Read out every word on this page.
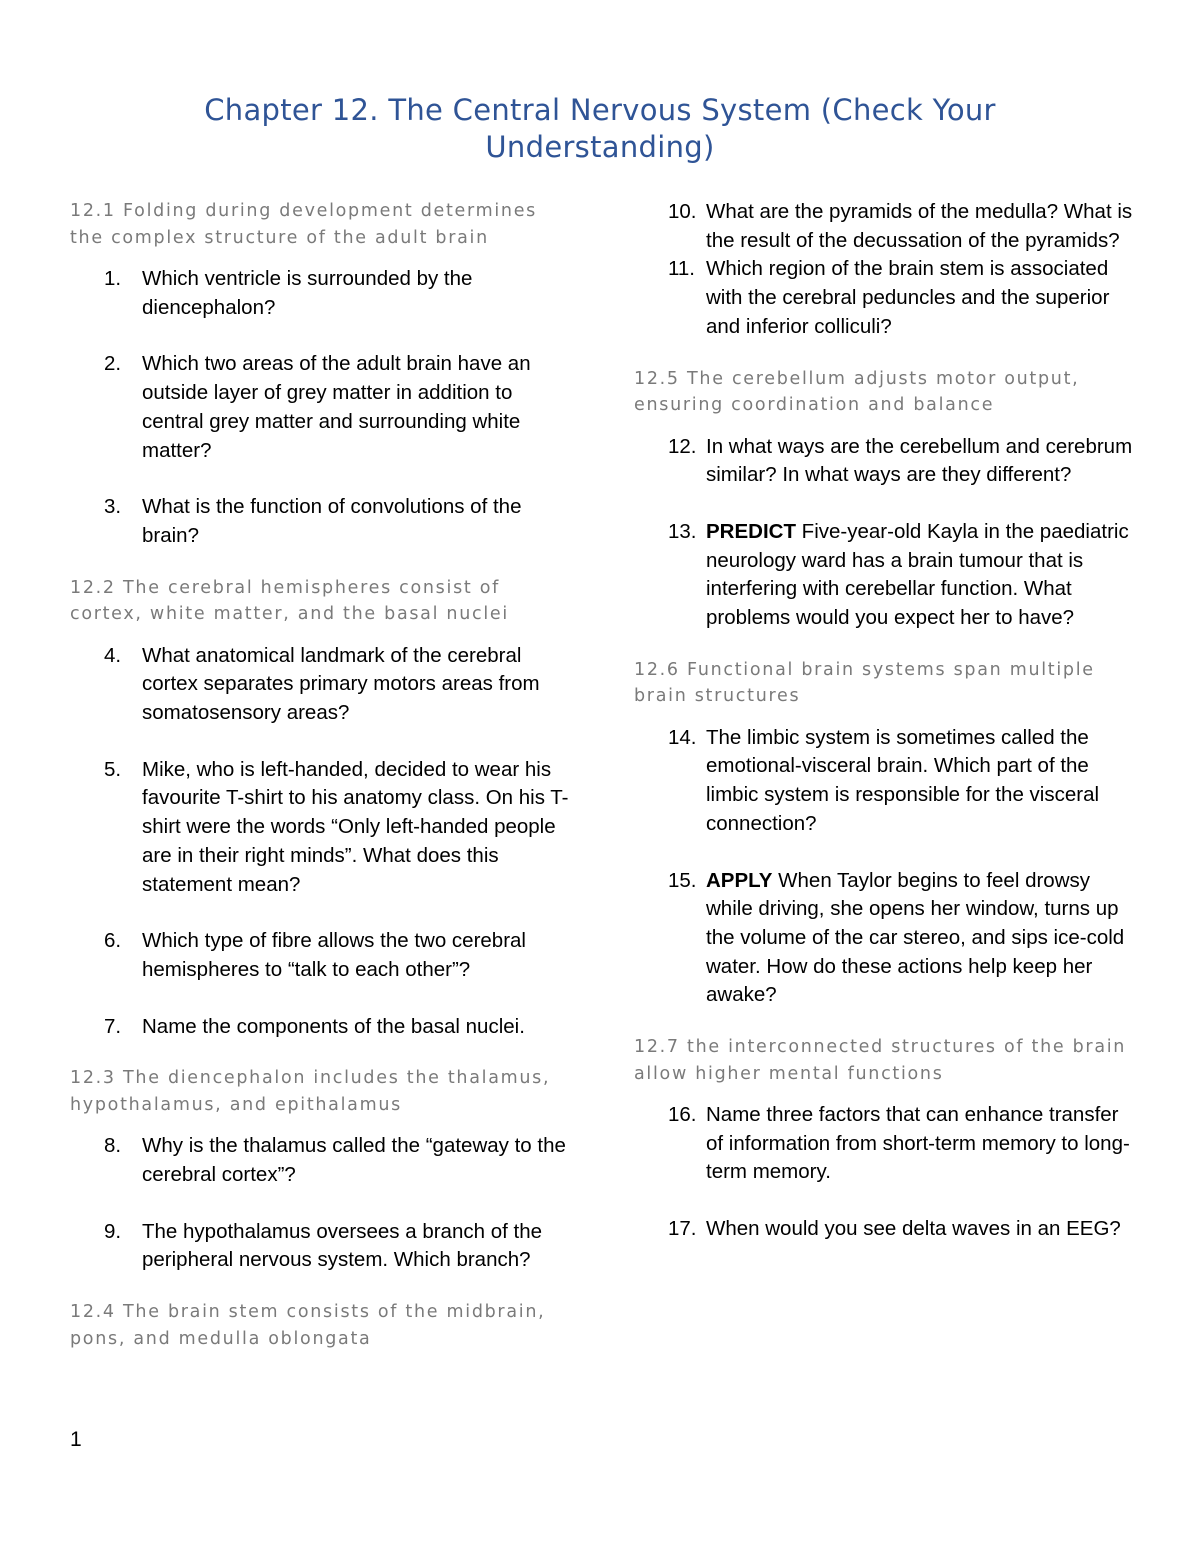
Chapter 12. The Central Nervous System (Check Your Understanding)

12.1 Folding during development determines the complex structure of the adult brain

1.	Which ventricle is surrounded by the diencephalon?
2.	Which two areas of the adult brain have an outside layer of grey matter in addition to central grey matter and surrounding white matter?
3.	What is the function of convolutions of the brain?

12.2 The cerebral hemispheres consist of cortex, white matter, and the basal nuclei

4.	What anatomical landmark of the cerebral cortex separates primary motors areas from somatosensory areas?
5.	Mike, who is left-handed, decided to wear his favourite T-shirt to his anatomy class. On his T-shirt were the words “Only left-handed people are in their right minds”. What does this statement mean?
6.	Which type of fibre allows the two cerebral hemispheres to “talk to each other”?
7.	Name the components of the basal nuclei.

12.3 The diencephalon includes the thalamus, hypothalamus, and epithalamus

8.	Why is the thalamus called the “gateway to the cerebral cortex”?
9.	The hypothalamus oversees a branch of the peripheral nervous system. Which branch?

12.4 The brain stem consists of the midbrain, pons, and medulla oblongata

10. What are the pyramids of the medulla? What is the result of the decussation of the pyramids?
11. Which region of the brain stem is associated with the cerebral peduncles and the superior and inferior colliculi?

12.5 The cerebellum adjusts motor output, ensuring coordination and balance

12. In what ways are the cerebellum and cerebrum similar? In what ways are they different?
13. PREDICT Five-year-old Kayla in the paediatric neurology ward has a brain tumour that is interfering with cerebellar function. What problems would you expect her to have?

12.6 Functional brain systems span multiple brain structures

14. The limbic system is sometimes called the emotional-visceral brain. Which part of the limbic system is responsible for the visceral connection?
15. APPLY When Taylor begins to feel drowsy while driving, she opens her window, turns up the volume of the car stereo, and sips ice-cold water. How do these actions help keep her awake?

12.7 the interconnected structures of the brain allow higher mental functions

16. Name three factors that can enhance transfer of information from short-term memory to long-term memory.
17. When would you see delta waves in an EEG?
1
